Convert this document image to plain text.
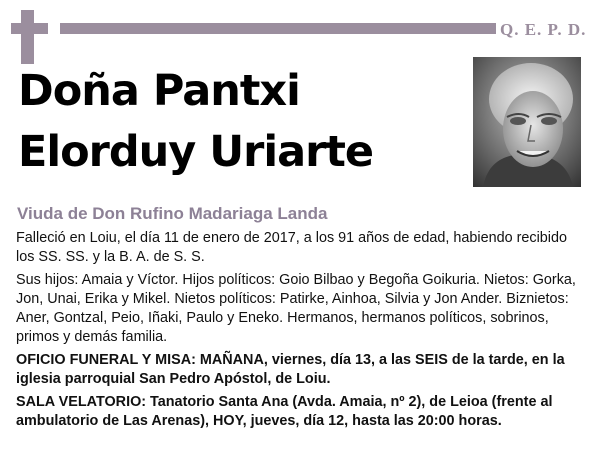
Q. E. P. D.
Doña Pantxi
Elorduy Uriarte
Viuda de Don Rufino Madariaga Landa

Falleció en Loiu, el día 11 de enero de 2017, a los 91 años de edad, habiendo recibido los SS. SS. y la B. A. de S. S.

Sus hijos: Amaia y Víctor. Hijos políticos: Goio Bilbao y Begoña Goikuria. Nietos: Gorka, Jon, Unai, Erika y Mikel. Nietos políticos: Patirke, Ainhoa, Silvia y Jon Ander. Biznietos: Aner, Gontzal, Peio, Iñaki, Paulo y Eneko. Hermanos, hermanos políticos, sobrinos, primos y demás familia.

OFICIO FUNERAL Y MISA: MAÑANA, viernes, día 13, a las SEIS de la tarde, en la iglesia parroquial San Pedro Apóstol, de Loiu.

SALA VELATORIO: Tanatorio Santa Ana (Avda. Amaia, nº 2), de Leioa (frente al ambulatorio de Las Arenas), HOY, jueves, día 12, hasta las 20:00 horas.
